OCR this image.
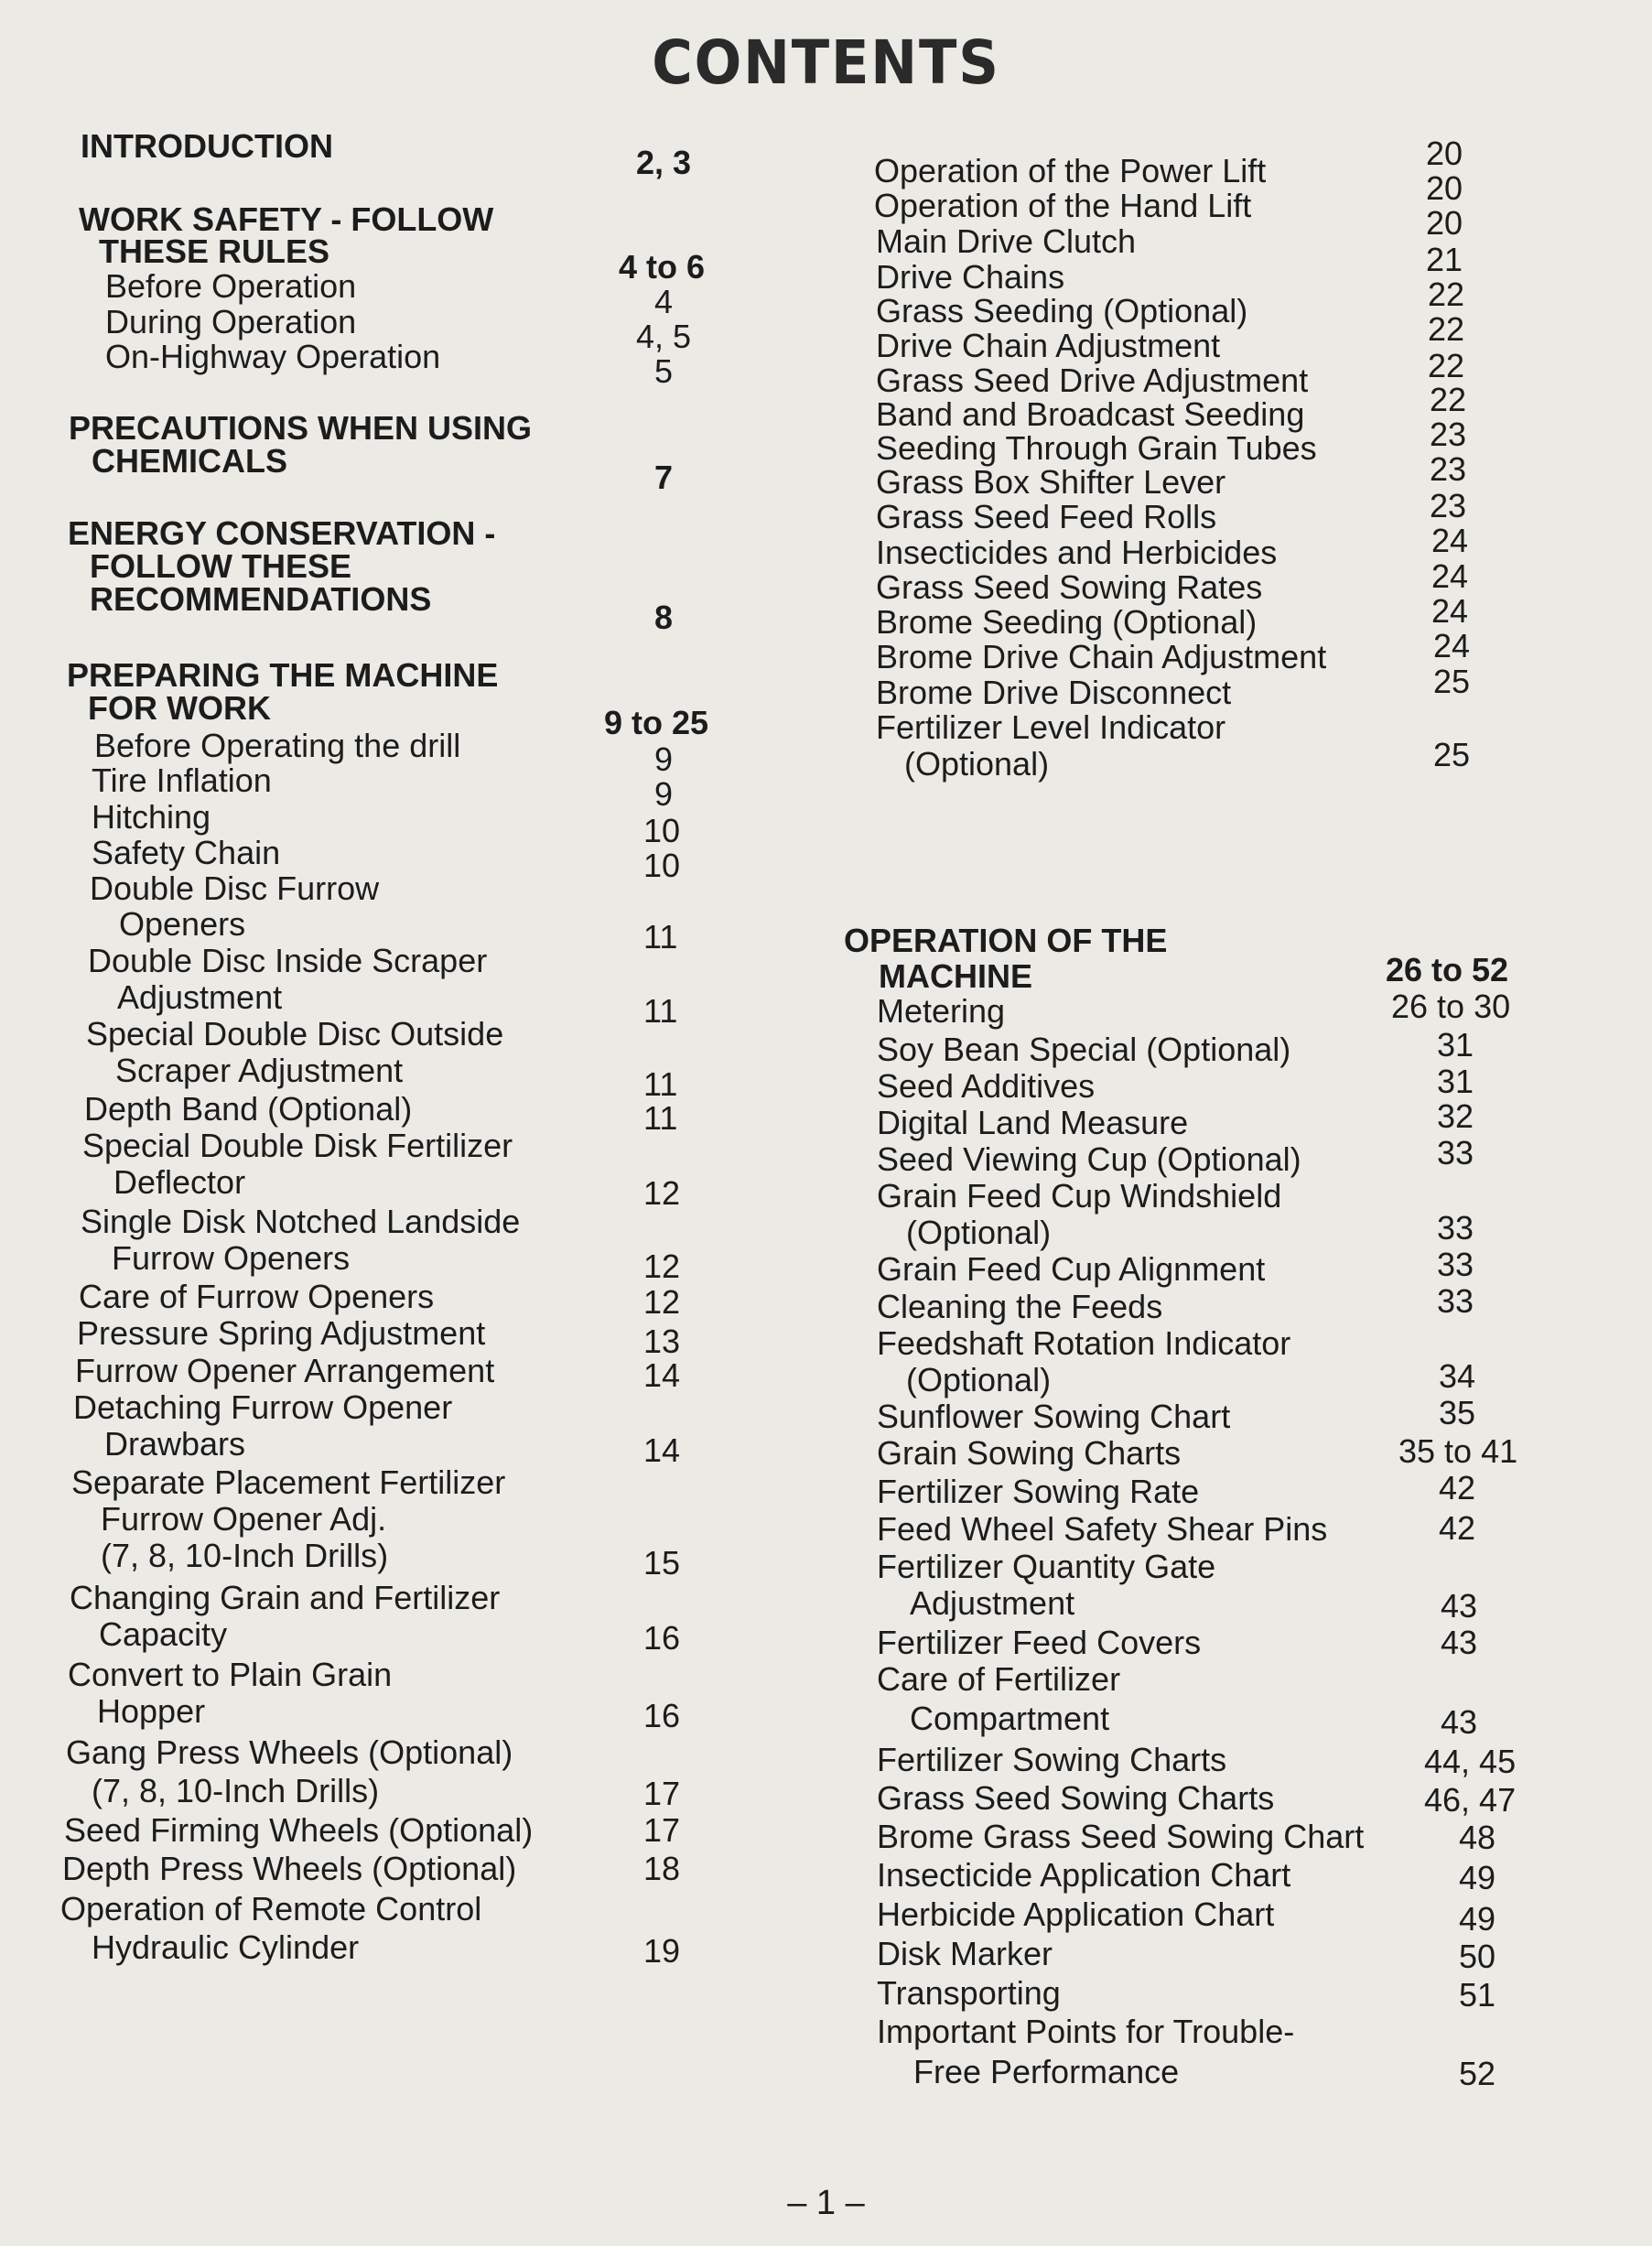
CONTENTS
INTRODUCTION	2, 3
WORK SAFETY - FOLLOW
THESE RULES	4 to 6
Before Operation	4
During Operation	4, 5
On-Highway Operation	5
PRECAUTIONS WHEN USING
CHEMICALS	7
ENERGY CONSERVATION -
FOLLOW THESE
RECOMMENDATIONS	8
PREPARING THE MACHINE
FOR WORK	9 to 25
Before Operating the drill	9
Tire Inflation	9
Hitching	10
Safety Chain	10
Double Disc Furrow
Openers	11
Double Disc Inside Scraper
Adjustment	11
Special Double Disc Outside
Scraper Adjustment	11
Depth Band (Optional)	11
Special Double Disk Fertilizer
Deflector	12
Single Disk Notched Landside
Furrow Openers	12
Care of Furrow Openers	12
Pressure Spring Adjustment	13
Furrow Opener Arrangement	14
Detaching Furrow Opener
Drawbars	14
Separate Placement Fertilizer
Furrow Opener Adj.
(7, 8, 10-Inch Drills)	15
Changing Grain and Fertilizer
Capacity	16
Convert to Plain Grain
Hopper	16
Gang Press Wheels (Optional)
(7, 8, 10-Inch Drills)	17
Seed Firming Wheels (Optional)	17
Depth Press Wheels (Optional)	18
Operation of Remote Control
Hydraulic Cylinder	19
Operation of the Power Lift	20
Operation of the Hand Lift	20
Main Drive Clutch	20
Drive Chains	21
Grass Seeding (Optional)	22
Drive Chain Adjustment	22
Grass Seed Drive Adjustment	22
Band and Broadcast Seeding	22
Seeding Through Grain Tubes	23
Grass Box Shifter Lever	23
Grass Seed Feed Rolls	23
Insecticides and Herbicides	24
Grass Seed Sowing Rates	24
Brome Seeding (Optional)	24
Brome Drive Chain Adjustment	24
Brome Drive Disconnect	25
Fertilizer Level Indicator
(Optional)	25
OPERATION OF THE
MACHINE	26 to 52
Metering	26 to 30
Soy Bean Special (Optional)	31
Seed Additives	31
Digital Land Measure	32
Seed Viewing Cup (Optional)	33
Grain Feed Cup Windshield
(Optional)	33
Grain Feed Cup Alignment	33
Cleaning the Feeds	33
Feedshaft Rotation Indicator
(Optional)	34
Sunflower Sowing Chart	35
Grain Sowing Charts	35 to 41
Fertilizer Sowing Rate	42
Feed Wheel Safety Shear Pins	42
Fertilizer Quantity Gate
Adjustment	43
Fertilizer Feed Covers	43
Care of Fertilizer
Compartment	43
Fertilizer Sowing Charts	44, 45
Grass Seed Sowing Charts	46, 47
Brome Grass Seed Sowing Chart	48
Insecticide Application Chart	49
Herbicide Application Chart	49
Disk Marker	50
Transporting	51
Important Points for Trouble-
Free Performance	52
– 1 –
